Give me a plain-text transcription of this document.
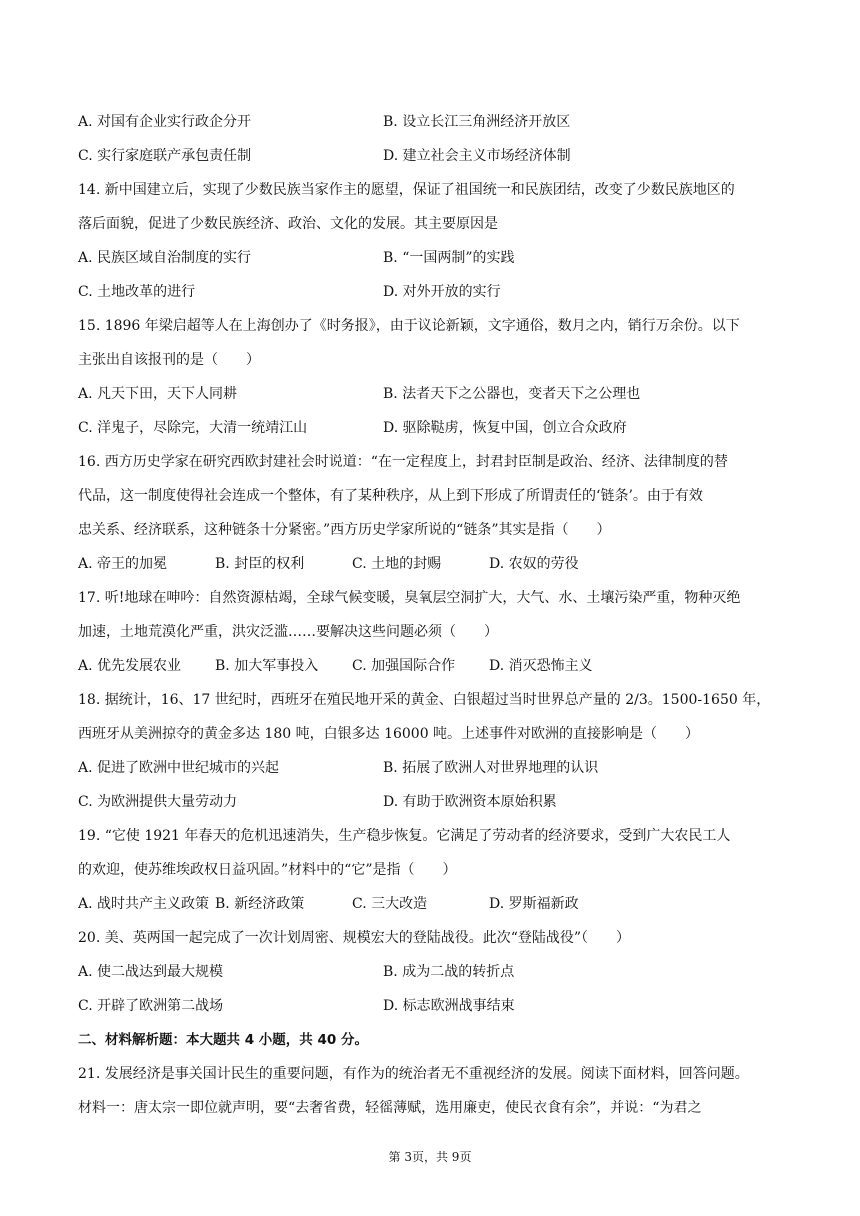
A. 对国有企业实行政企分开	B. 设立长江三角洲经济开放区
C. 实行家庭联产承包责任制	D. 建立社会主义市场经济体制
14. 新中国建立后，实现了少数民族当家作主的愿望，保证了祖国统一和民族团结，改变了少数民族地区的
落后面貌，促进了少数民族经济、政治、文化的发展。其主要原因是
A. 民族区域自治制度的实行	B. “一国两制”的实践
C. 土地改革的进行	D. 对外开放的实行
15. 1896 年梁启超等人在上海创办了《时务报》，由于议论新颖，文字通俗，数月之内，销行万余份。以下
主张出自该报刊的是（　　）
A. 凡天下田，天下人同耕	B. 法者天下之公器也，变者天下之公理也
C. 洋鬼子，尽除完，大清一统靖江山	D. 驱除鞑虏，恢复中国，创立合众政府
16. 西方历史学家在研究西欧封建社会时说道：“在一定程度上，封君封臣制是政治、经济、法律制度的替
代品，这一制度使得社会连成一个整体，有了某种秩序，从上到下形成了所谓责任的‘链条’。由于有效
忠关系、经济联系，这种链条十分紧密。”西方历史学家所说的“链条”其实是指（　　）
A. 帝王的加冕	B. 封臣的权利	C. 土地的封赐	D. 农奴的劳役
17. 听!地球在呻吟：自然资源枯竭，全球气候变暖，臭氧层空洞扩大，大气、水、土壤污染严重，物种灭绝
加速，土地荒漠化严重，洪灾泛滥……要解决这些问题必须（　　）
A. 优先发展农业	B. 加大军事投入	C. 加强国际合作	D. 消灭恐怖主义
18. 据统计，16、17 世纪时，西班牙在殖民地开采的黄金、白银超过当时世界总产量的 2/3。1500-1650 年，
西班牙从美洲掠夺的黄金多达 180 吨，白银多达 16000 吨。上述事件对欧洲的直接影响是（　　）
A. 促进了欧洲中世纪城市的兴起	B. 拓展了欧洲人对世界地理的认识
C. 为欧洲提供大量劳动力	D. 有助于欧洲资本原始积累
19. “它使 1921 年春天的危机迅速消失，生产稳步恢复。它满足了劳动者的经济要求，受到广大农民工人
的欢迎，使苏维埃政权日益巩固。”材料中的“它”是指（　　）
A. 战时共产主义政策 B. 新经济政策	C. 三大改造	D. 罗斯福新政
20. 美、英两国一起完成了一次计划周密、规模宏大的登陆战役。此次“登陆战役”（　　）
A. 使二战达到最大规模	B. 成为二战的转折点
C. 开辟了欧洲第二战场	D. 标志欧洲战事结束
二、材料解析题：本大题共 4 小题，共 40 分。
21. 发展经济是事关国计民生的重要问题，有作为的统治者无不重视经济的发展。阅读下面材料，回答问题。
材料一：唐太宗一即位就声明，要“去奢省费，轻徭薄赋，选用廉吏，使民衣食有余”，并说：“为君之
第 3页，共 9页
